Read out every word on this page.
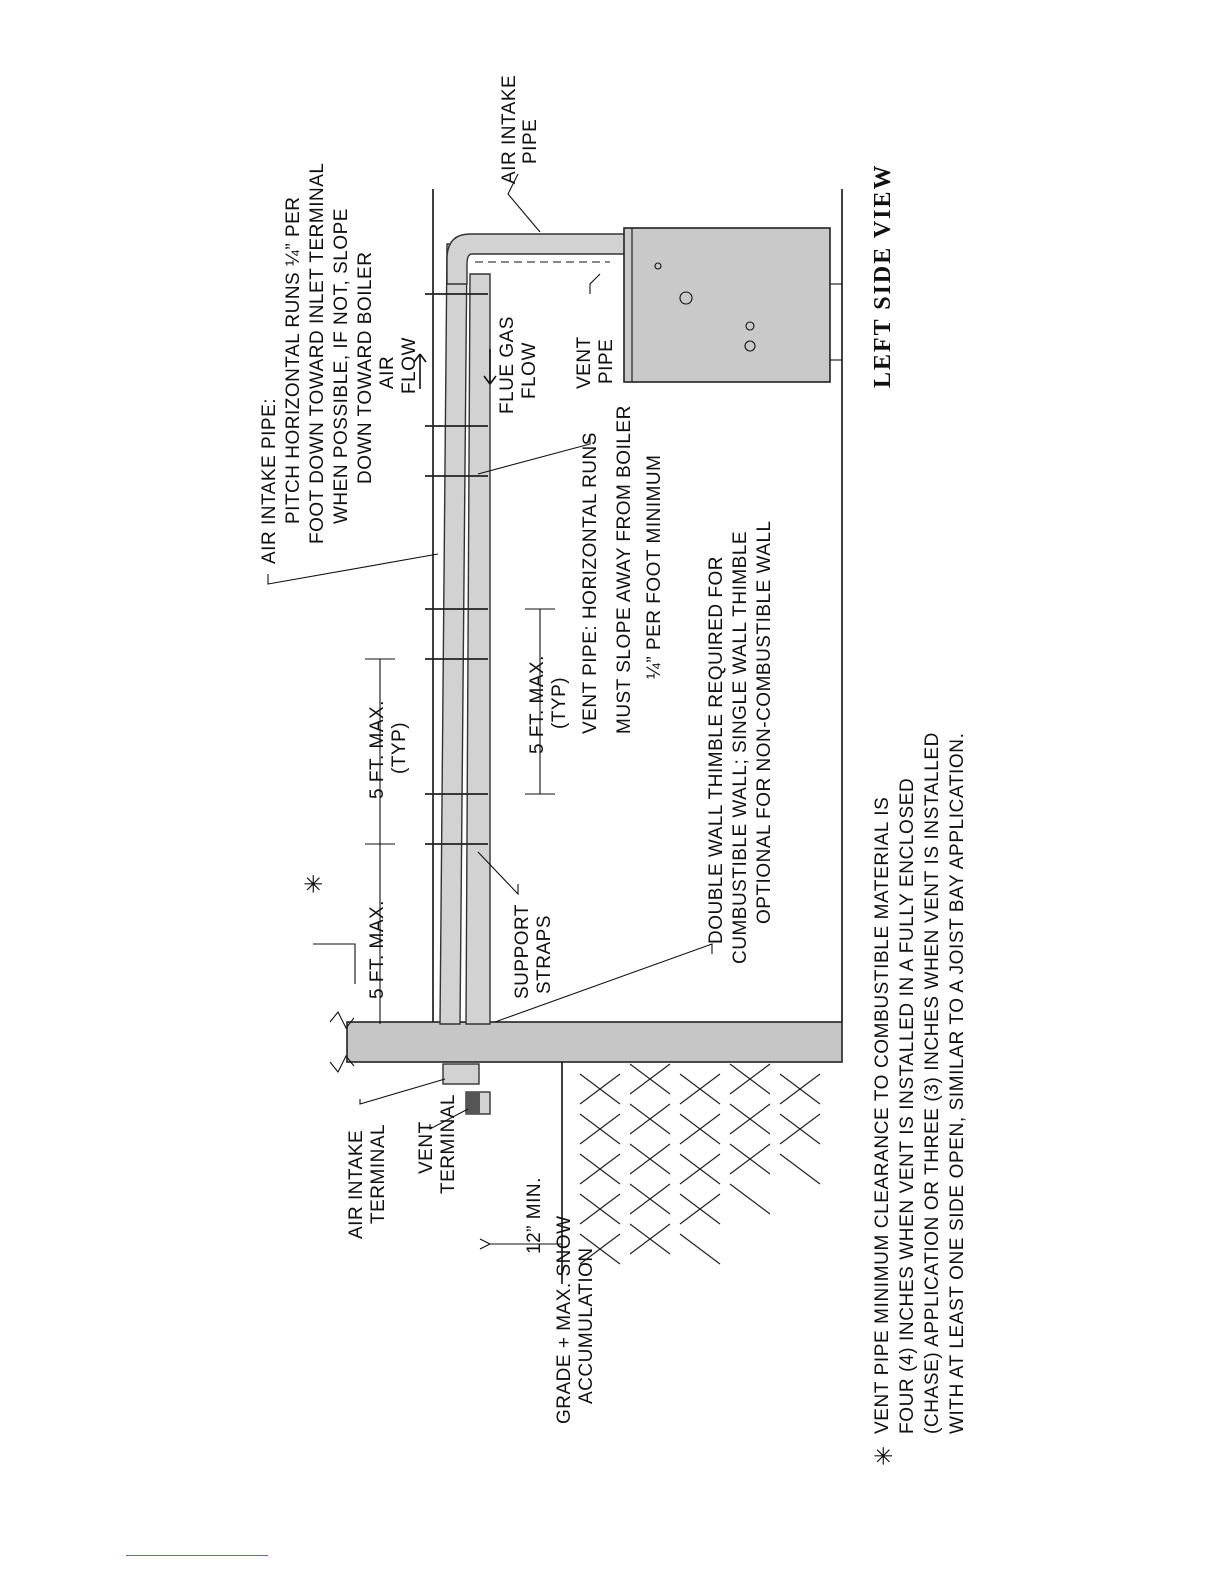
AIR INTAKE PIPE
AIR INTAKE PIPE: PITCH HORIZONTAL RUNS ¼” PER FOOT DOWN TOWARD INLET TERMINAL WHEN POSSIBLE, IF NOT, SLOPE DOWN TOWARD BOILER AIR FLOW	FLUE GAS FLOW VENT PIPE
VENT PIPE: HORIZONTAL RUNS MUST SLOPE AWAY FROM BOILER ¼” PER FOOT MINIMUM
5 FT. MAX. (TYP)	5 FT. MAX. (TYP)
5 FT. MAX.	SUPPORT STRAPS
DOUBLE WALL THIMBLE REQUIRED FOR CUMBUSTIBLE WALL; SINGLE WALL THIMBLE OPTIONAL FOR NON-COMBUSTIBLE WALL
AIR INTAKE TERMINAL VENT TERMINAL
12” MIN. GRADE + MAX. SNOW ACCUMULATION
✳
LEFT SIDE VIEW
✳
VENT PIPE MINIMUM CLEARANCE TO COMBUSTIBLE MATERIAL IS FOUR (4) INCHES WHEN VENT IS INSTALLED IN A FULLY ENCLOSED (CHASE) APPLICATION OR THREE (3) INCHES WHEN VENT IS INSTALLED WITH AT LEAST ONE SIDE OPEN, SIMILAR TO A JOIST BAY APPLICATION.
